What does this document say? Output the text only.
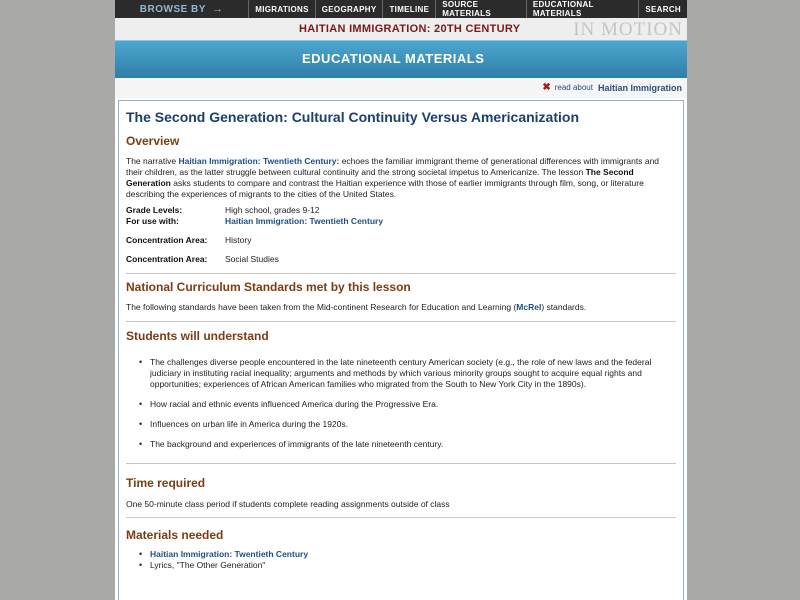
BROWSE BY →	MIGRATIONS	GEOGRAPHY	TIMELINE	SOURCE MATERIALS
EDUCATIONAL MATERIALS	SEARCH
HAITIAN IMMIGRATION: 20TH CENTURY	IN MOTION
EDUCATIONAL MATERIALS
✖ read about Haitian Immigration
The Second Generation: Cultural Continuity Versus Americanization
Overview

The narrative Haitian Immigration: Twentieth Century: echoes the familiar immigrant theme of generational differences with immigrants and their children, as the latter struggle between cultural continuity and the strong societal impetus to Americanize. The lesson The Second Generation asks students to compare and contrast the Haitian experience with those of earlier immigrants through film, song, or literature describing the experiences of migrants to the cities of the United States.

Grade Levels:	High school, grades 9-12
For use with:	Haitian Immigration: Twentieth Century
Concentration Area:	History
Concentration Area:	Social Studies
National Curriculum Standards met by this lesson

The following standards have been taken from the Mid-continent Research for Education and Learning (McRel) standards.

Students will understand
• The challenges diverse people encountered in the late nineteenth century American society (e.g., the role of new laws and the federal judiciary in instituting racial inequality; arguments and methods by which various minority groups sought to acquire equal rights and opportunities; experiences of African American families who migrated from the South to New York City in the 1890s).
• How racial and ethnic events influenced America during the Progressive Era.
• Influences on urban life in America during the 1920s.
• The background and experiences of immigrants of the late nineteenth century.
Time required

One 50-minute class period if students complete reading assignments outside of class

Materials needed
• Haitian Immigration: Twentieth Century
• Lyrics, "The Other Generation"
